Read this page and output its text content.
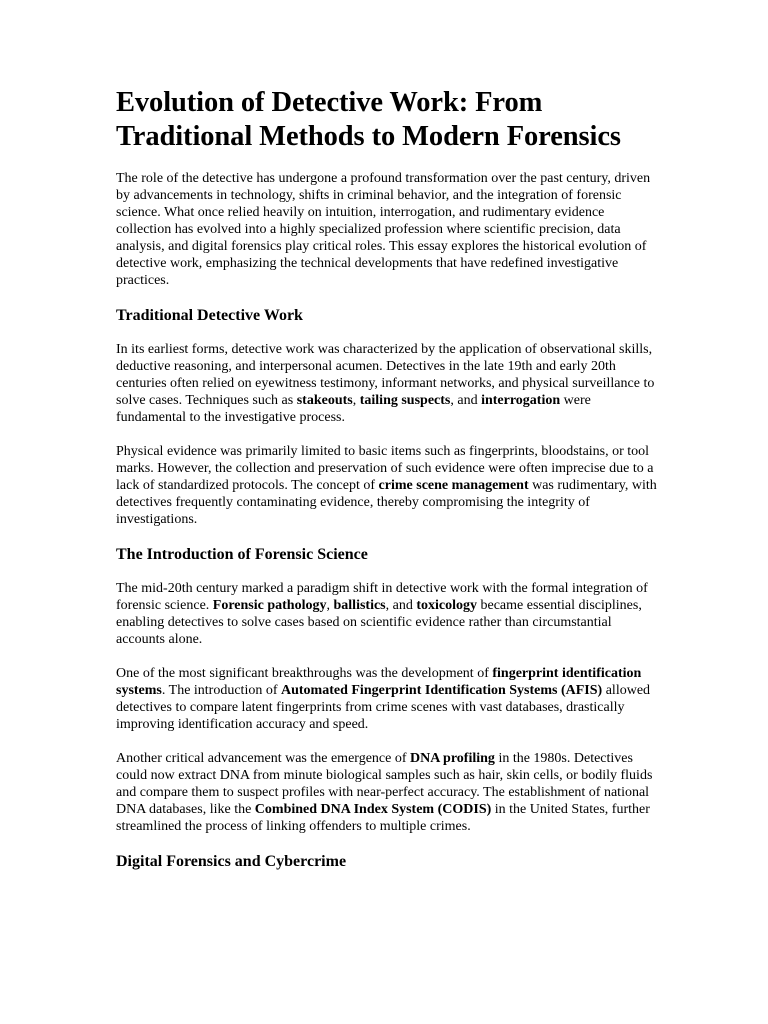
Evolution of Detective Work: From Traditional Methods to Modern Forensics

The role of the detective has undergone a profound transformation over the past century, driven by advancements in technology, shifts in criminal behavior, and the integration of forensic science. What once relied heavily on intuition, interrogation, and rudimentary evidence collection has evolved into a highly specialized profession where scientific precision, data analysis, and digital forensics play critical roles. This essay explores the historical evolution of detective work, emphasizing the technical developments that have redefined investigative practices.

Traditional Detective Work

In its earliest forms, detective work was characterized by the application of observational skills, deductive reasoning, and interpersonal acumen. Detectives in the late 19th and early 20th centuries often relied on eyewitness testimony, informant networks, and physical surveillance to solve cases. Techniques such as stakeouts, tailing suspects, and interrogation were fundamental to the investigative process.

Physical evidence was primarily limited to basic items such as fingerprints, bloodstains, or tool marks. However, the collection and preservation of such evidence were often imprecise due to a lack of standardized protocols. The concept of crime scene management was rudimentary, with detectives frequently contaminating evidence, thereby compromising the integrity of investigations.

The Introduction of Forensic Science

The mid-20th century marked a paradigm shift in detective work with the formal integration of forensic science. Forensic pathology, ballistics, and toxicology became essential disciplines, enabling detectives to solve cases based on scientific evidence rather than circumstantial accounts alone.

One of the most significant breakthroughs was the development of fingerprint identification systems. The introduction of Automated Fingerprint Identification Systems (AFIS) allowed detectives to compare latent fingerprints from crime scenes with vast databases, drastically improving identification accuracy and speed.

Another critical advancement was the emergence of DNA profiling in the 1980s. Detectives could now extract DNA from minute biological samples such as hair, skin cells, or bodily fluids and compare them to suspect profiles with near-perfect accuracy. The establishment of national DNA databases, like the Combined DNA Index System (CODIS) in the United States, further streamlined the process of linking offenders to multiple crimes.

Digital Forensics and Cybercrime
